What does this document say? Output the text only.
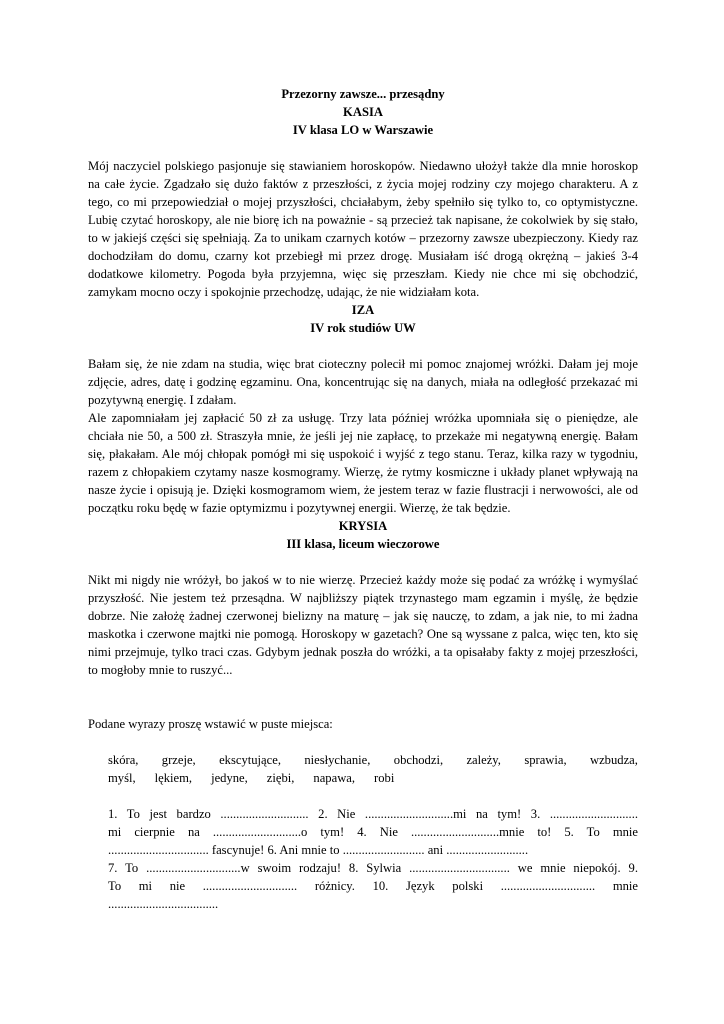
Przezorny zawsze... przesądny

KASIA

IV klasa LO w Warszawie

Mój naczyciel polskiego pasjonuje się stawianiem horoskopów. Niedawno ułożył także dla mnie horoskop na całe życie. Zgadzało się dużo faktów z przeszłości, z życia mojej rodziny czy mojego charakteru. A z tego, co mi przepowiedział o mojej przyszłości, chciałabym, żeby spełniło się tylko to, co optymistyczne. Lubię czytać horoskopy, ale nie biorę ich na poważnie - są przecież tak napisane, że cokolwiek by się stało, to w jakiejś części się spełniają. Za to unikam czarnych kotów – przezorny zawsze ubezpieczony. Kiedy raz dochodziłam do domu, czarny kot przebiegł mi przez drogę. Musiałam iść drogą okrężną – jakieś 3-4 dodatkowe kilometry. Pogoda była przyjemna, więc się przeszłam. Kiedy nie chce mi się obchodzić, zamykam mocno oczy i spokojnie przechodzę, udając, że nie widziałam kota.

IZA

IV rok studiów UW

Bałam się, że nie zdam na studia, więc brat cioteczny polecił mi pomoc znajomej wróżki. Dałam jej moje zdjęcie, adres, datę i godzinę egzaminu. Ona, koncentrując się na danych, miała na odległość przekazać mi pozytywną energię. I zdałam.

Ale zapomniałam jej zapłacić 50 zł za usługę. Trzy lata później wróżka upomniała się o pieniędze, ale chciała nie 50, a 500 zł. Straszyła mnie, że jeśli jej nie zapłacę, to przekaże mi negatywną energię. Bałam się, płakałam. Ale mój chłopak pomógł mi się uspokoić i wyjść z tego stanu. Teraz, kilka razy w tygodniu, razem z chłopakiem czytamy nasze kosmogramy. Wierzę, że rytmy kosmiczne i układy planet wpływają na nasze życie i opisują je. Dzięki kosmogramom wiem, że jestem teraz w fazie flustracji i nerwowości, ale od początku roku będę w fazie optymizmu i pozytywnej energii. Wierzę, że tak będzie.

KRYSIA

III klasa, liceum wieczorowe

Nikt mi nigdy nie wróżył, bo jakoś w to nie wierzę. Przecież każdy może się podać za wróżkę i wymyślać przyszłość. Nie jestem też przesądna. W najbliższy piątek trzynastego mam egzamin i myślę, że będzie dobrze. Nie założę żadnej czerwonej bielizny na maturę – jak się nauczę, to zdam, a jak nie, to mi żadna maskotka i czerwone majtki nie pomogą. Horoskopy w gazetach? One są wyssane z palca, więc ten, kto się nimi przejmuje, tylko traci czas. Gdybym jednak poszła do wróżki, a ta opisałaby fakty z mojej przeszłości, to mogłoby mnie to ruszyć...

Podane wyrazy proszę wstawić w puste miejsca:

skóra, grzeje, ekscytujące, niesłychanie, obchodzi, zależy, sprawia, wzbudza,
myśl, lękiem, jedyne, ziębi, napawa, robi
1. To jest bardzo ............................ 2. Nie ............................mi na tym! 3. ............................
mi cierpnie na ............................o tym! 4. Nie ............................mnie to! 5. To mnie
................................ fascynuje! 6. Ani mnie to .......................... ani ..........................
7. To ..............................w swoim rodzaju! 8. Sylwia ................................ we mnie niepokój. 9.
To mi nie .............................. różnicy. 10. Język polski .............................. mnie
...................................
